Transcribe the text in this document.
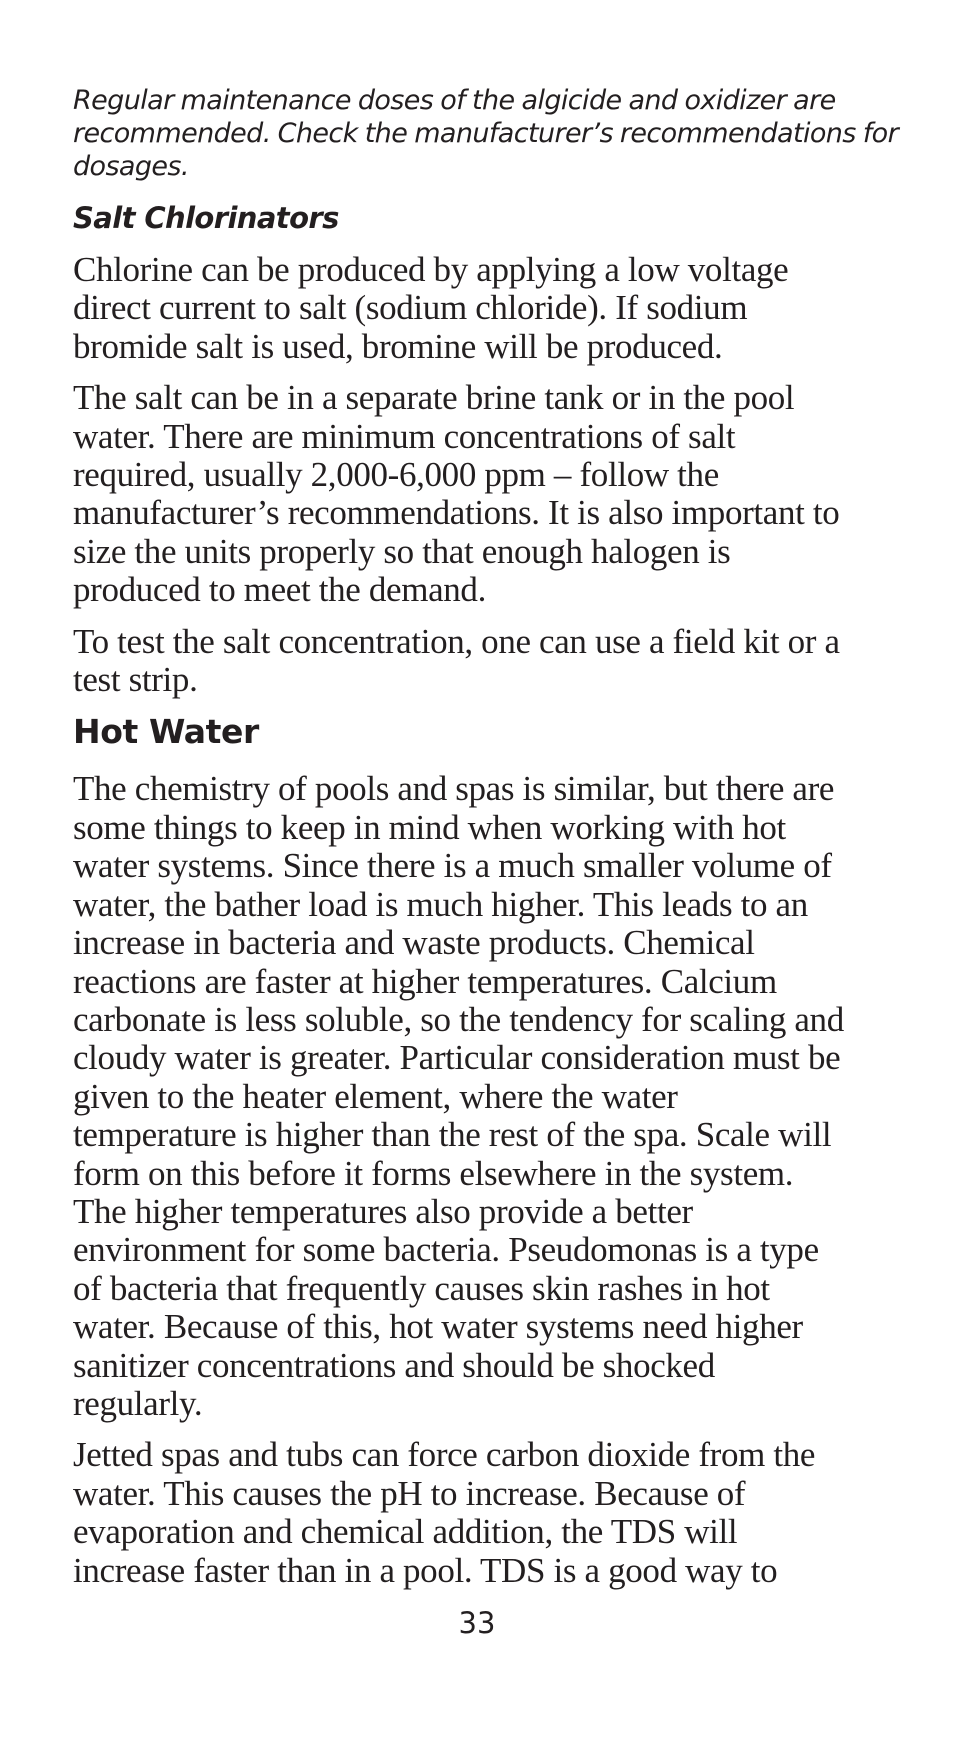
Regular maintenance doses of the algicide and oxidizer are
recommended. Check the manufacturer’s recommendations for
dosages.

Salt Chlorinators

Chlorine can be produced by applying a low voltage
direct current to salt (sodium chloride). If sodium
bromide salt is used, bromine will be produced.

The salt can be in a separate brine tank or in the pool
water. There are minimum concentrations of salt
required, usually 2,000-6,000 ppm – follow the
manufacturer’s recommendations. It is also important to
size the units properly so that enough halogen is
produced to meet the demand.

To test the salt concentration, one can use a field kit or a
test strip.

Hot Water

The chemistry of pools and spas is similar, but there are
some things to keep in mind when working with hot
water systems. Since there is a much smaller volume of
water, the bather load is much higher. This leads to an
increase in bacteria and waste products. Chemical
reactions are faster at higher temperatures. Calcium
carbonate is less soluble, so the tendency for scaling and
cloudy water is greater. Particular consideration must be
given to the heater element, where the water
temperature is higher than the rest of the spa. Scale will
form on this before it forms elsewhere in the system.
The higher temperatures also provide a better
environment for some bacteria. Pseudomonas is a type
of bacteria that frequently causes skin rashes in hot
water. Because of this, hot water systems need higher
sanitizer concentrations and should be shocked
regularly.

Jetted spas and tubs can force carbon dioxide from the
water. This causes the pH to increase. Because of
evaporation and chemical addition, the TDS will
increase faster than in a pool. TDS is a good way to

33
